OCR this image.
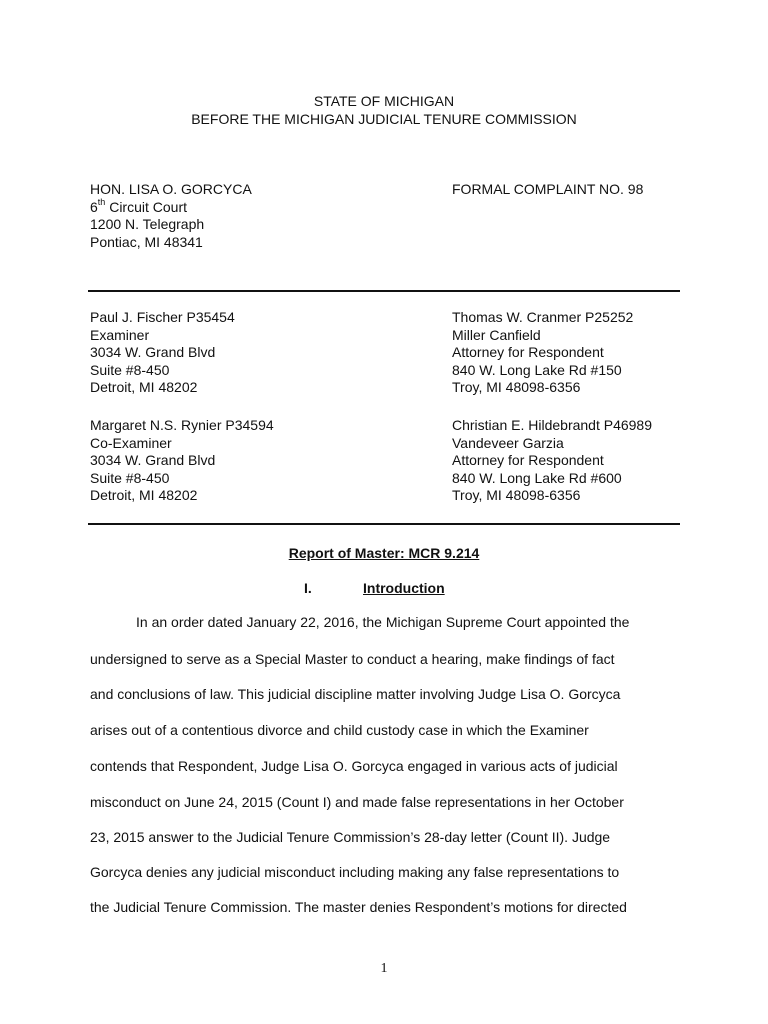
STATE OF MICHIGAN
BEFORE THE MICHIGAN JUDICIAL TENURE COMMISSION
HON. LISA O. GORCYCA
6th Circuit Court
1200 N. Telegraph
Pontiac, MI 48341
FORMAL COMPLAINT NO. 98
Paul J. Fischer P35454
Examiner
3034 W. Grand Blvd
Suite #8-450
Detroit, MI 48202
Margaret N.S. Rynier P34594
Co-Examiner
3034 W. Grand Blvd
Suite #8-450
Detroit, MI 48202
Thomas W. Cranmer P25252
Miller Canfield
Attorney for Respondent
840 W. Long Lake Rd #150
Troy, MI 48098-6356
Christian E. Hildebrandt P46989
Vandeveer Garzia
Attorney for Respondent
840 W. Long Lake Rd #600
Troy, MI 48098-6356
Report of Master: MCR 9.214
I.	Introduction
In an order dated January 22, 2016, the Michigan Supreme Court appointed the
undersigned to serve as a Special Master to conduct a hearing, make findings of fact
and conclusions of law. This judicial discipline matter involving Judge Lisa O. Gorcyca
arises out of a contentious divorce and child custody case in which the Examiner
contends that Respondent, Judge Lisa O. Gorcyca engaged in various acts of judicial
misconduct on June 24, 2015 (Count I) and made false representations in her October
23, 2015 answer to the Judicial Tenure Commission’s 28-day letter (Count II). Judge
Gorcyca denies any judicial misconduct including making any false representations to
the Judicial Tenure Commission. The master denies Respondent’s motions for directed
1
